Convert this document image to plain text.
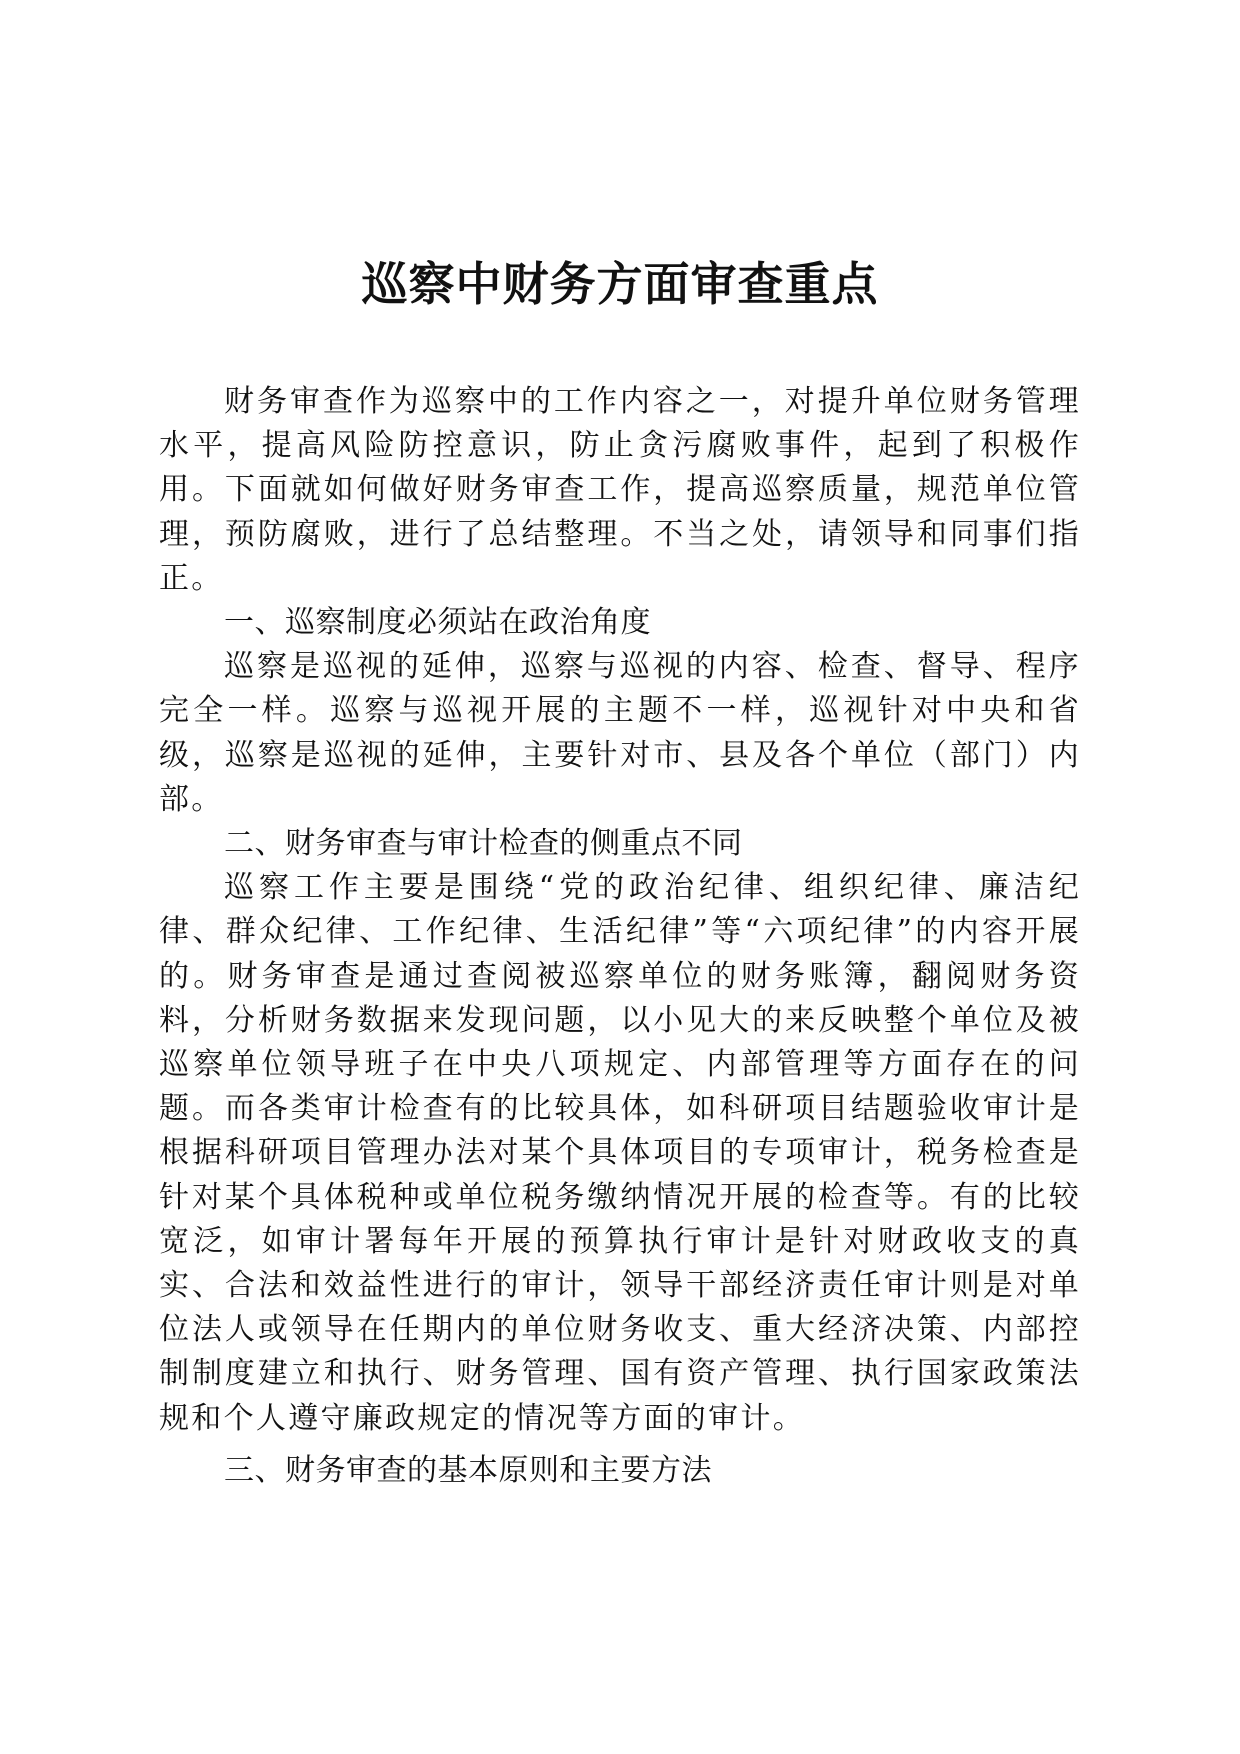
巡察中财务方面审查重点

财务审查作为巡察中的工作内容之一，对提升单位财务管理水平，提高风险防控意识，防止贪污腐败事件，起到了积极作用。下面就如何做好财务审查工作，提高巡察质量，规范单位管理，预防腐败，进行了总结整理。不当之处，请领导和同事们指正。

一、巡察制度必须站在政治角度

巡察是巡视的延伸，巡察与巡视的内容、检查、督导、程序完全一样。巡察与巡视开展的主题不一样，巡视针对中央和省级，巡察是巡视的延伸，主要针对市、县及各个单位（部门）内部。

二、财务审查与审计检查的侧重点不同

巡察工作主要是围绕“党的政治纪律、组织纪律、廉洁纪律、群众纪律、工作纪律、生活纪律”等“六项纪律”的内容开展的。财务审查是通过查阅被巡察单位的财务账簿，翻阅财务资料，分析财务数据来发现问题，以小见大的来反映整个单位及被巡察单位领导班子在中央八项规定、内部管理等方面存在的问题。而各类审计检查有的比较具体，如科研项目结题验收审计是根据科研项目管理办法对某个具体项目的专项审计，税务检查是针对某个具体税种或单位税务缴纳情况开展的检查等。有的比较宽泛，如审计署每年开展的预算执行审计是针对财政收支的真实、合法和效益性进行的审计，领导干部经济责任审计则是对单位法人或领导在任期内的单位财务收支、重大经济决策、内部控制制度建立和执行、财务管理、国有资产管理、执行国家政策法规和个人遵守廉政规定的情况等方面的审计。

三、财务审查的基本原则和主要方法
